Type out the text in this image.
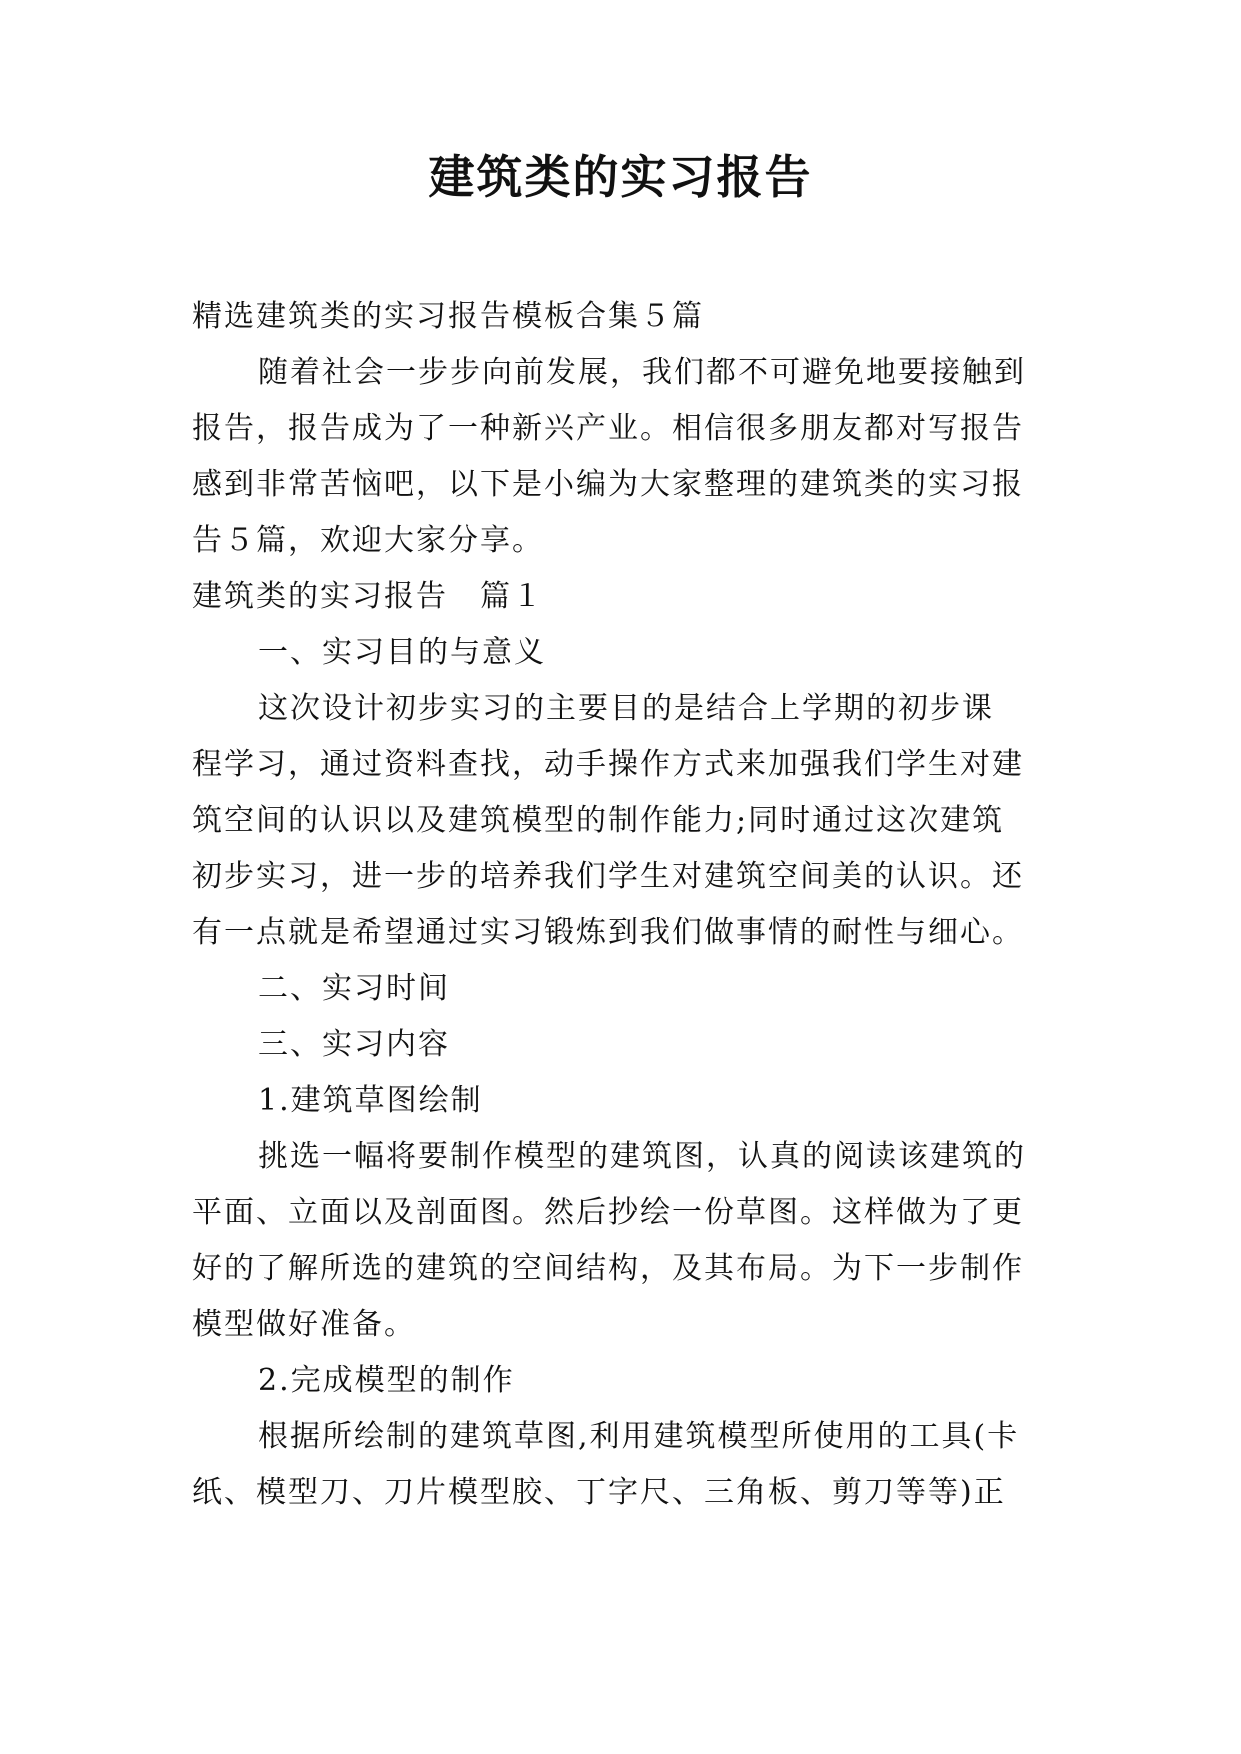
建筑类的实习报告
精选建筑类的实习报告模板合集５篇
随着社会一步步向前发展，我们都不可避免地要接触到
报告，报告成为了一种新兴产业。相信很多朋友都对写报告
感到非常苦恼吧，以下是小编为大家整理的建筑类的实习报
告５篇，欢迎大家分享。
建筑类的实习报告　篇１
一、实习目的与意义
这次设计初步实习的主要目的是结合上学期的初步课
程学习，通过资料查找，动手操作方式来加强我们学生对建
筑空间的认识以及建筑模型的制作能力;同时通过这次建筑
初步实习，进一步的培养我们学生对建筑空间美的认识。还
有一点就是希望通过实习锻炼到我们做事情的耐性与细心。
二、实习时间
三、实习内容
1.建筑草图绘制
挑选一幅将要制作模型的建筑图，认真的阅读该建筑的
平面、立面以及剖面图。然后抄绘一份草图。这样做为了更
好的了解所选的建筑的空间结构，及其布局。为下一步制作
模型做好准备。
2.完成模型的制作
根据所绘制的建筑草图,利用建筑模型所使用的工具(卡
纸、模型刀、刀片模型胶、丁字尺、三角板、剪刀等等)正
